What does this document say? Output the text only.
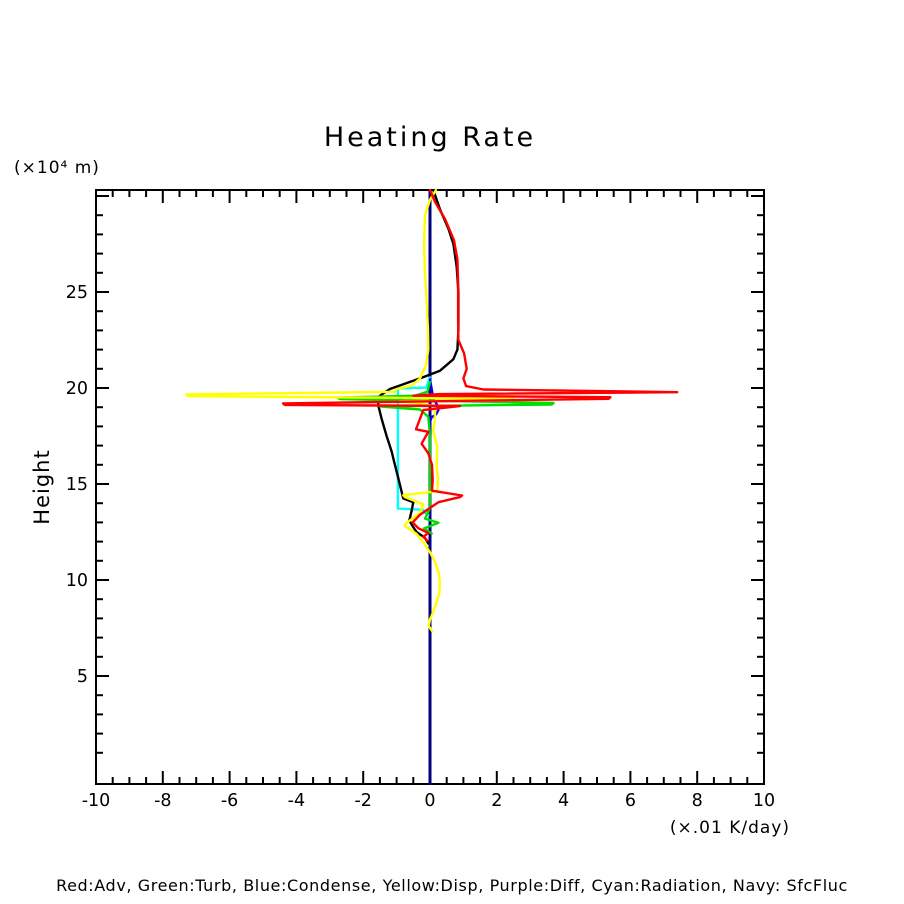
Heating Rate
(×10⁴ m)
Height
(×.01 K/day)
Red:Adv, Green:Turb, Blue:Condense, Yellow:Disp, Purple:Diff, Cyan:Radiation, Navy: SfcFluc
-10	-8	-6	-4	-2	0	2	4	6	8	10
5
10
15
20
25
